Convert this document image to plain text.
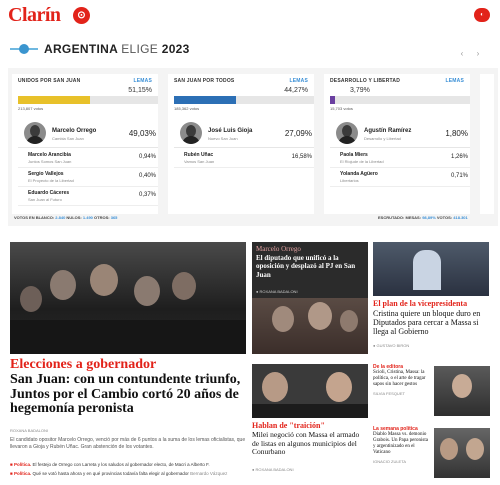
Clarín	⊙	◐
ARGENTINA ELIGE 2023	‹	›
UNIDOS POR SAN JUAN	LEMAS
51,15%
213,807 votos
Marcelo Orrego
Cambia San Juan
49,03%
Marcelo Arancibia
Juntos Somos San Juan
0,94%
Sergio Vallejos
El Proyecto de la Libertad
0,40%
Eduardo Cáceres
San Juan al Futuro
0,37%
SAN JUAN POR TODOS	LEMAS
44,27%
185,362 votos
José Luis Gioja
Nuevo San Juan
27,09%
Rubén Uñac
Vamos San Juan
16,58%
DESARROLLO Y LIBERTAD	LEMAS
3,79%
15,703 votos
Agustín Ramírez
Desarrollo y Libertad
1,80%
Paola Miers
El Riojude de la Libertad
1,26%
Yolanda Agüero
Libertarios
0,71%
VOTOS EN BLANCO: 2.840 NULOS: 1.490 OTROS: 365	ESCRUTADO: MESAS: 98,89% VOTOS: 418.301
Elecciones a gobernador
San Juan: con un contundente triunfo, Juntos por el Cambio cortó 20 años de hegemonía peronista
ROXANA BADALONI
El candidato opositor Marcelo Orrego, venció por más de 6 puntos a la suma de los lemas oficialistas, que llevaron a Gioja y Rubén Uñac. Gran abstención de los votantes.
■ Política. El festejo de Orrego con Larreta y los saludos al gobernador electo, de Macri a Alberto F.
■ Política. Qué se votó hasta ahora y en qué provincias todavía falta elegir al gobernador Bernardo Vázquez
Marcelo Orrego
El diputado que unificó a la oposición y desplazó al PJ en San Juan
● ROXANA BADALONI
El plan de la vicepresidenta
Cristina quiere un bloque duro en Diputados para cercar a Massa si llega al Gobierno
● GUSTAVO BIRON
Hablan de "traición"
Milei negoció con Massa el armado de listas en algunos municipios del Conurbano
● ROXANA BADALONI
De la editora
Scioli, Cristina, Massa: la política, o el arte de tragar sapos sin hacer gestos
SILVIA FESQUET
La semana política
Diablo Massa vs. demonio Grabois. Un Papa peronista y argentinizado en el Vaticano
IGNACIO ZULETA
